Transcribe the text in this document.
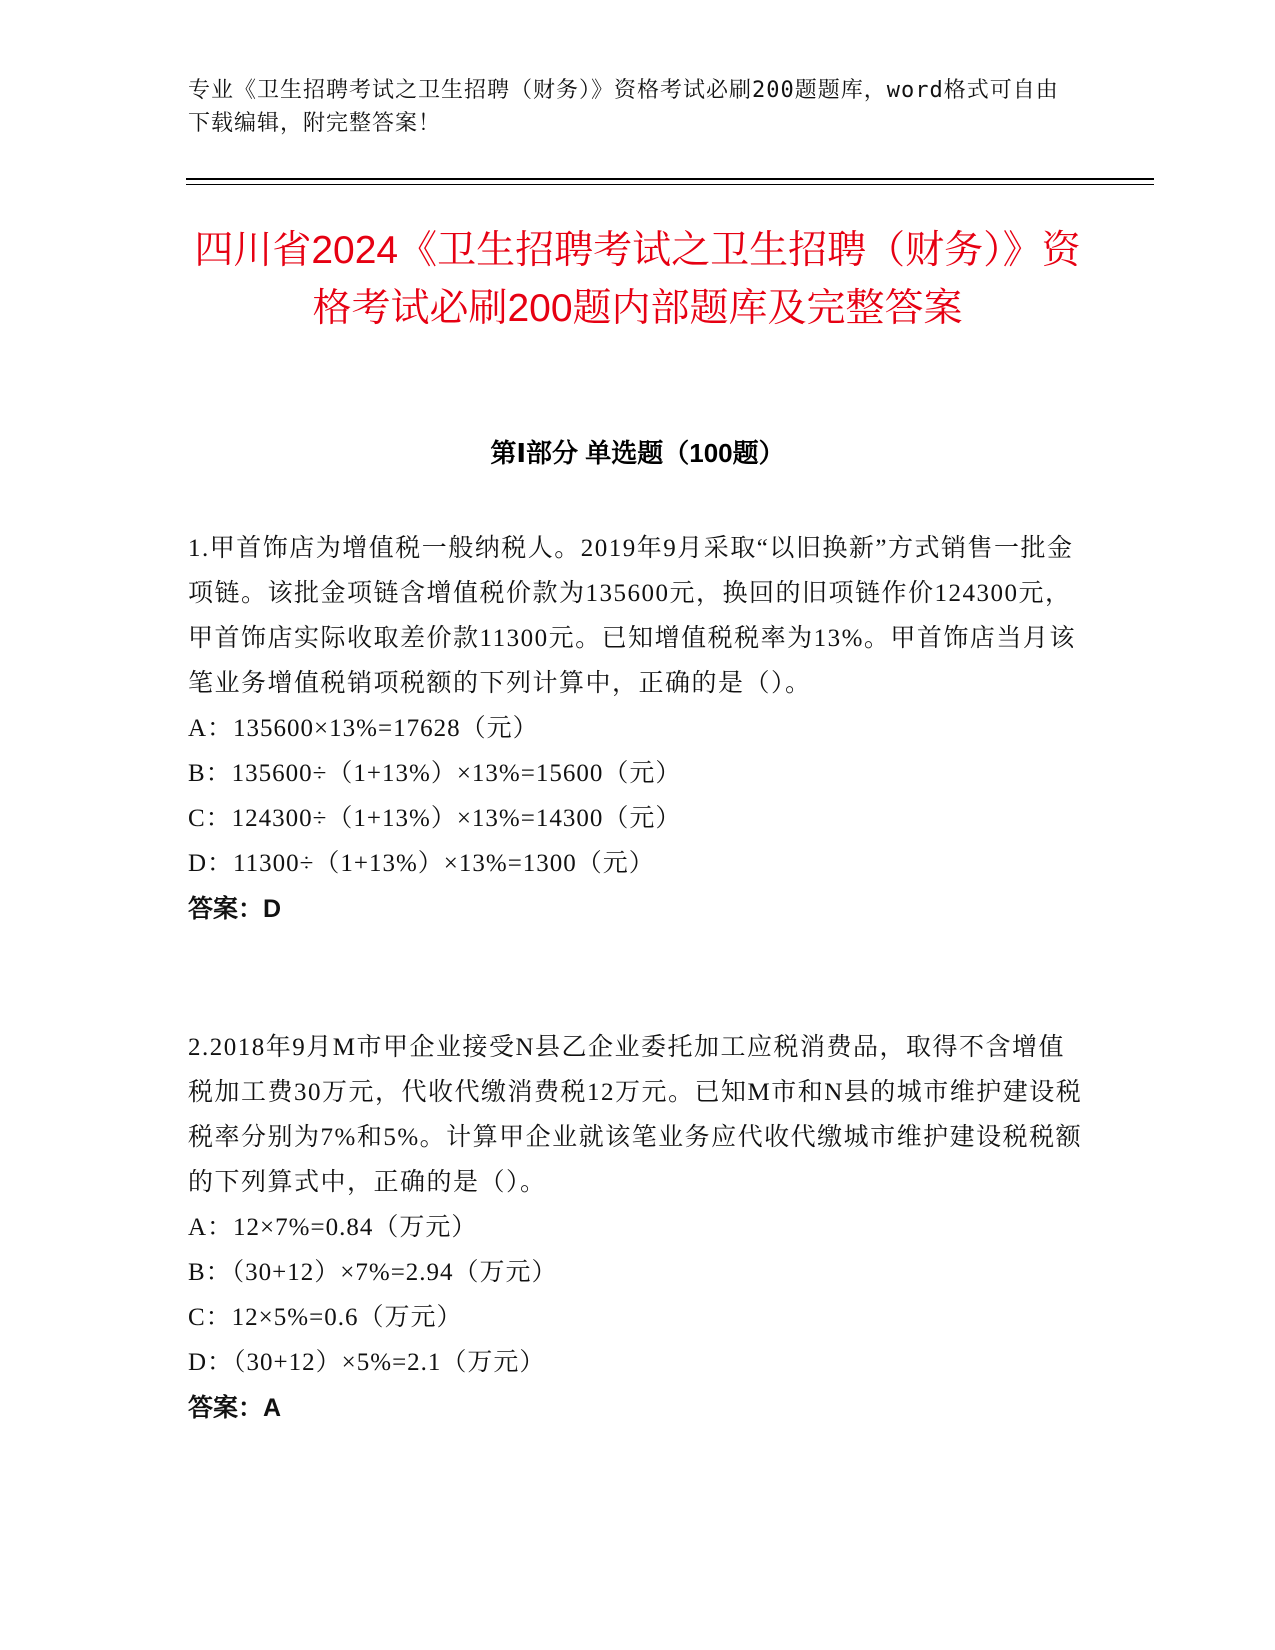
专业《卫生招聘考试之卫生招聘（财务）》资格考试必刷200题题库，word格式可自由下载编辑，附完整答案！
四川省2024《卫生招聘考试之卫生招聘（财务）》资格考试必刷200题内部题库及完整答案
第Ⅰ部分 单选题（100题）

1.甲首饰店为增值税一般纳税人。2019年9月采取“以旧换新”方式销售一批金项链。该批金项链含增值税价款为135600元，换回的旧项链作价124300元，甲首饰店实际收取差价款11300元。已知增值税税率为13%。甲首饰店当月该笔业务增值税销项税额的下列计算中，正确的是（）。

A：135600×13%=17628（元）

B：135600÷（1+13%）×13%=15600（元）

C：124300÷（1+13%）×13%=14300（元）

D：11300÷（1+13%）×13%=1300（元）

答案：D

2.2018年9月M市甲企业接受N县乙企业委托加工应税消费品，取得不含增值税加工费30万元，代收代缴消费税12万元。已知M市和N县的城市维护建设税税率分别为7%和5%。计算甲企业就该笔业务应代收代缴城市维护建设税税额的下列算式中，正确的是（）。

A：12×7%=0.84（万元）

B：（30+12）×7%=2.94（万元）

C：12×5%=0.6（万元）

D：（30+12）×5%=2.1（万元）

答案：A
